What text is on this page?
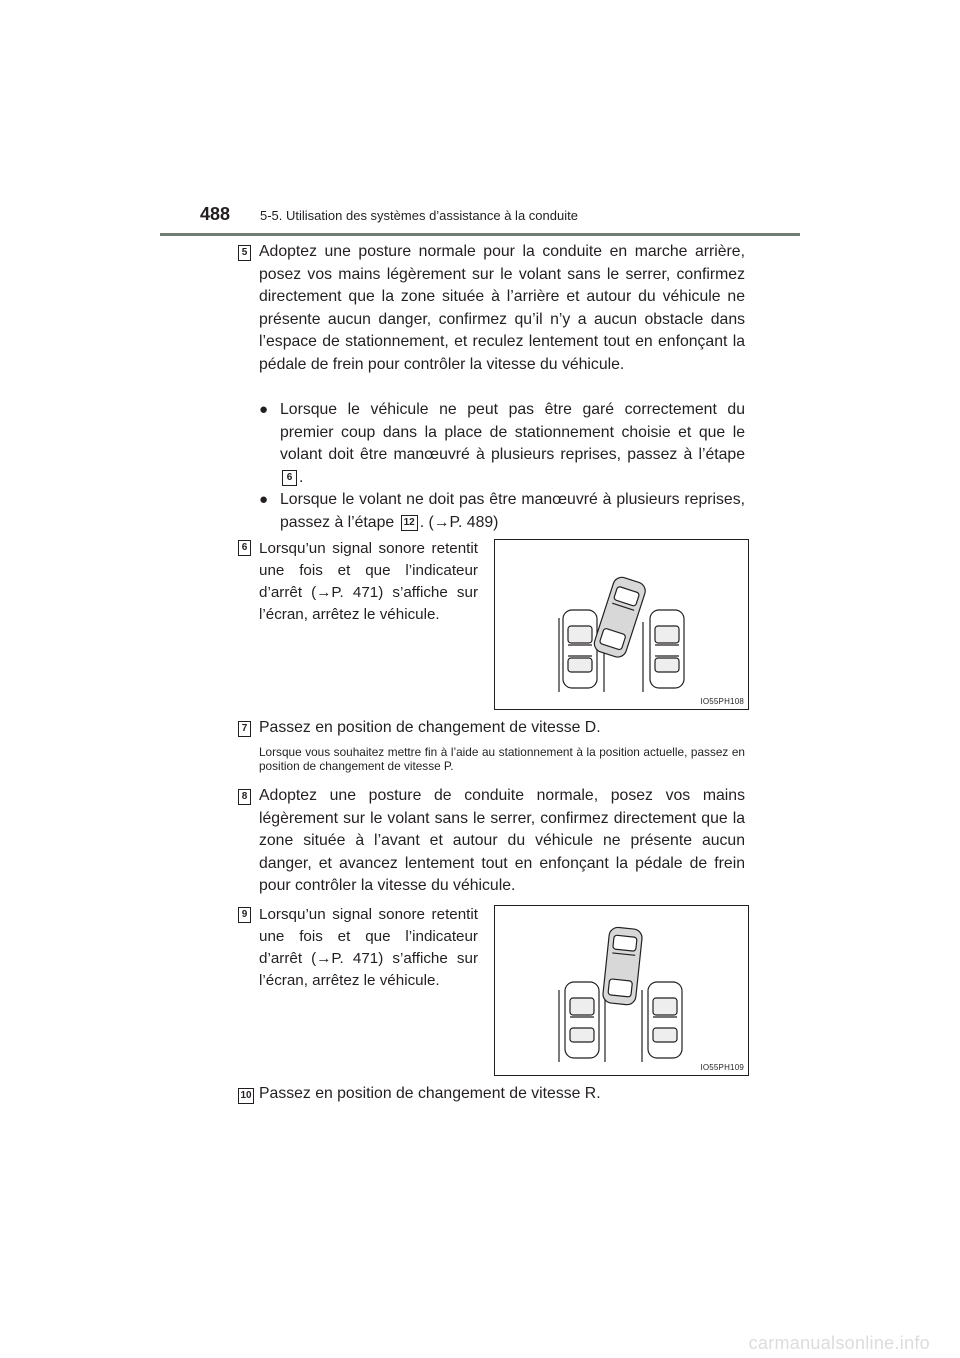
488 5-5. Utilisation des systèmes d’assistance à la conduite
5 Adoptez une posture normale pour la conduite en marche arrière, posez vos mains légèrement sur le volant sans le serrer, confirmez directement que la zone située à l’arrière et autour du véhicule ne présente aucun danger, confirmez qu’il n’y a aucun obstacle dans l’espace de stationnement, et reculez lentement tout en enfonçant la pédale de frein pour contrôler la vitesse du véhicule.
● Lorsque le véhicule ne peut pas être garé correctement du premier coup dans la place de stationnement choisie et que le volant doit être manœuvré à plusieurs reprises, passez à l’étape 6 .
● Lorsque le volant ne doit pas être manœuvré à plusieurs reprises, passez à l’étape 12 . (→P. 489)
6 Lorsqu’un signal sonore retentit une fois et que l’indicateur d’arrêt (→P. 471) s’affiche sur l’écran, arrêtez le véhicule.
IO55PH108
7 Passez en position de changement de vitesse D.
Lorsque vous souhaitez mettre fin à l’aide au stationnement à la position actuelle, passez en position de changement de vitesse P.
8 Adoptez une posture de conduite normale, posez vos mains légèrement sur le volant sans le serrer, confirmez directement que la zone située à l’avant et autour du véhicule ne présente aucun danger, et avancez lentement tout en enfonçant la pédale de frein pour contrôler la vitesse du véhicule.
9 Lorsqu’un signal sonore retentit une fois et que l’indicateur d’arrêt (→P. 471) s’affiche sur l’écran, arrêtez le véhicule.
IO55PH109
10 Passez en position de changement de vitesse R.
carmanualsonline.info
